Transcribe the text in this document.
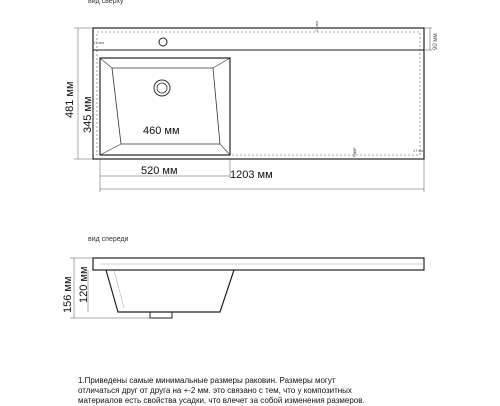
вид сверху
17 мм
17 мм
17 мм
17 мм
90 мм
481 мм 345 мм	460 мм
520 мм	1203 мм
вид спереди
156 мм 120 мм
1.Приведены самые минимальные размеры раковин. Размеры могут
отличаться друг от друга на +-2 мм. это связано с тем, что у композитных
материалов есть свойства усадки, что влечет за собой изменения размеров.
